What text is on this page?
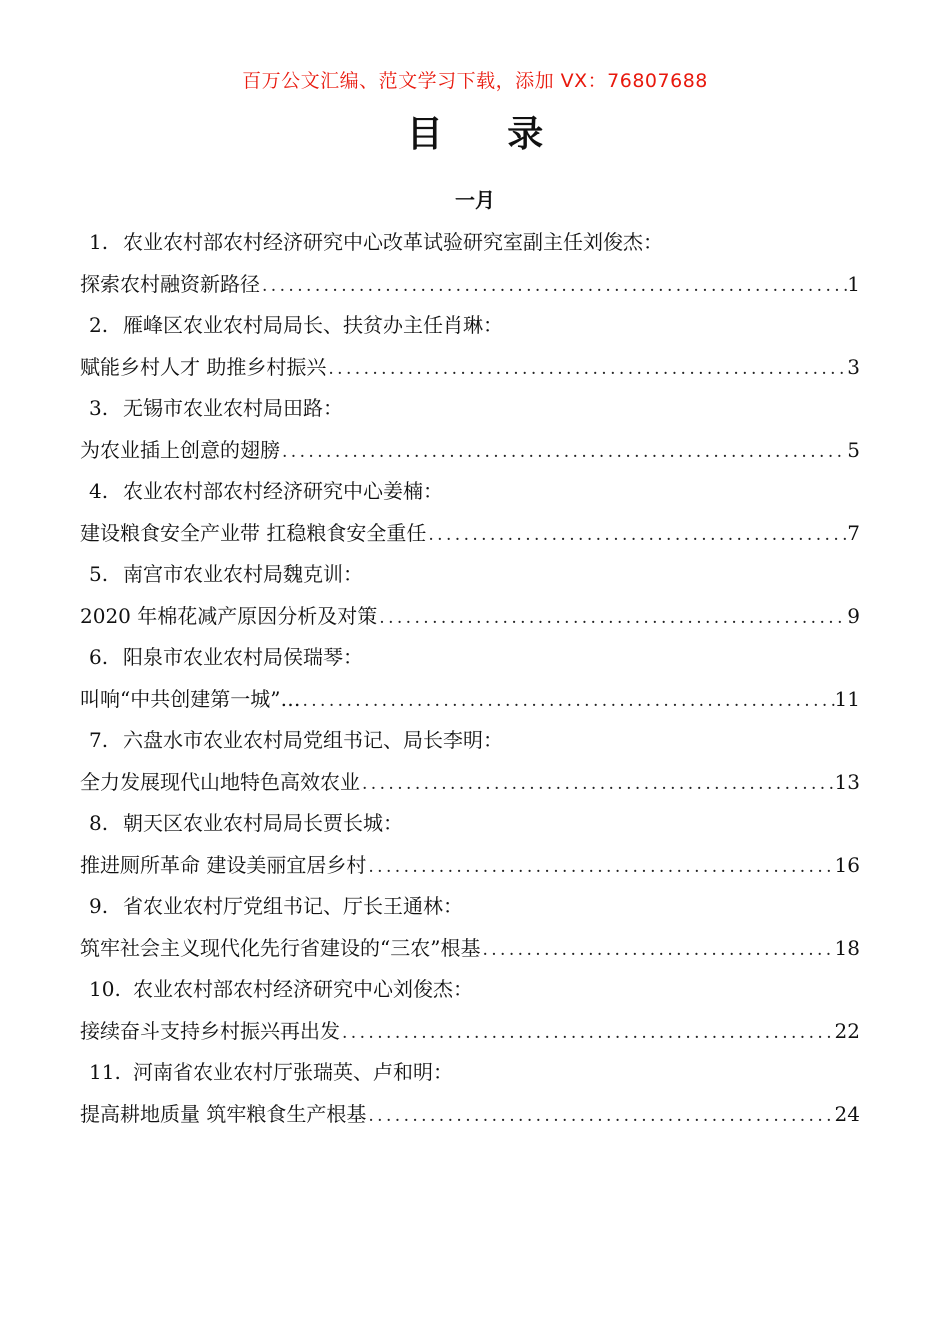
百万公文汇编、范文学习下载，添加 VX：76807688
目 录
一月
1. 农业农村部农村经济研究中心改革试验研究室副主任刘俊杰：
探索农村融资新路径 .....	1
2. 雁峰区农业农村局局长、扶贫办主任肖琳：
赋能乡村人才 助推乡村振兴 .....	3
3. 无锡市农业农村局田路：
为农业插上创意的翅膀 .....	5
4. 农业农村部农村经济研究中心姜楠：
建设粮食安全产业带 扛稳粮食安全重任 .....	7
5. 南宫市农业农村局魏克训：
2020 年棉花减产原因分析及对策 .....	9
6. 阳泉市农业农村局侯瑞琴：
叫响“中共创建第一城”… .....	11
7. 六盘水市农业农村局党组书记、局长李明：
全力发展现代山地特色高效农业 .....	13
8. 朝天区农业农村局局长贾长城：
推进厕所革命 建设美丽宜居乡村 .....	16
9. 省农业农村厅党组书记、厅长王通林：
筑牢社会主义现代化先行省建设的“三农”根基 .....	18
10. 农业农村部农村经济研究中心刘俊杰：
接续奋斗支持乡村振兴再出发 .....	22
11. 河南省农业农村厅张瑞英、卢和明：
提高耕地质量 筑牢粮食生产根基 .....	24
